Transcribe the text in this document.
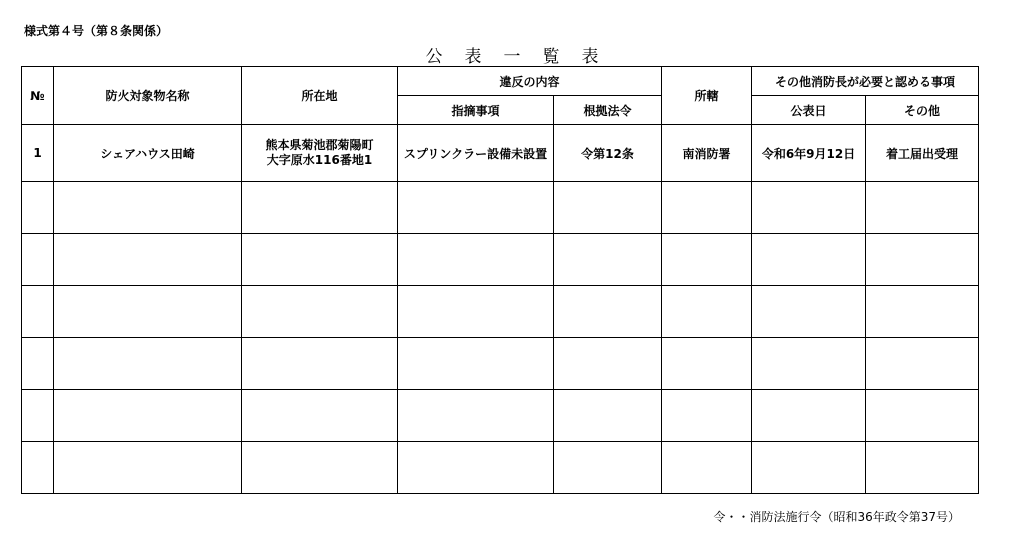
様式第４号（第８条関係）
公表一覧表
№	防火対象物名称	所在地	違反の内容		所轄	その他消防長が必要と認める事項	
			指摘事項	根拠法令		公表日	その他
1	シェアハウス田崎	熊本県菊池郡菊陽町
大字原水116番地1	スプリンクラー設備未設置	令第12条	南消防署	令和6年9月12日	着工届出受理

令・・消防法施行令（昭和36年政令第37号）
